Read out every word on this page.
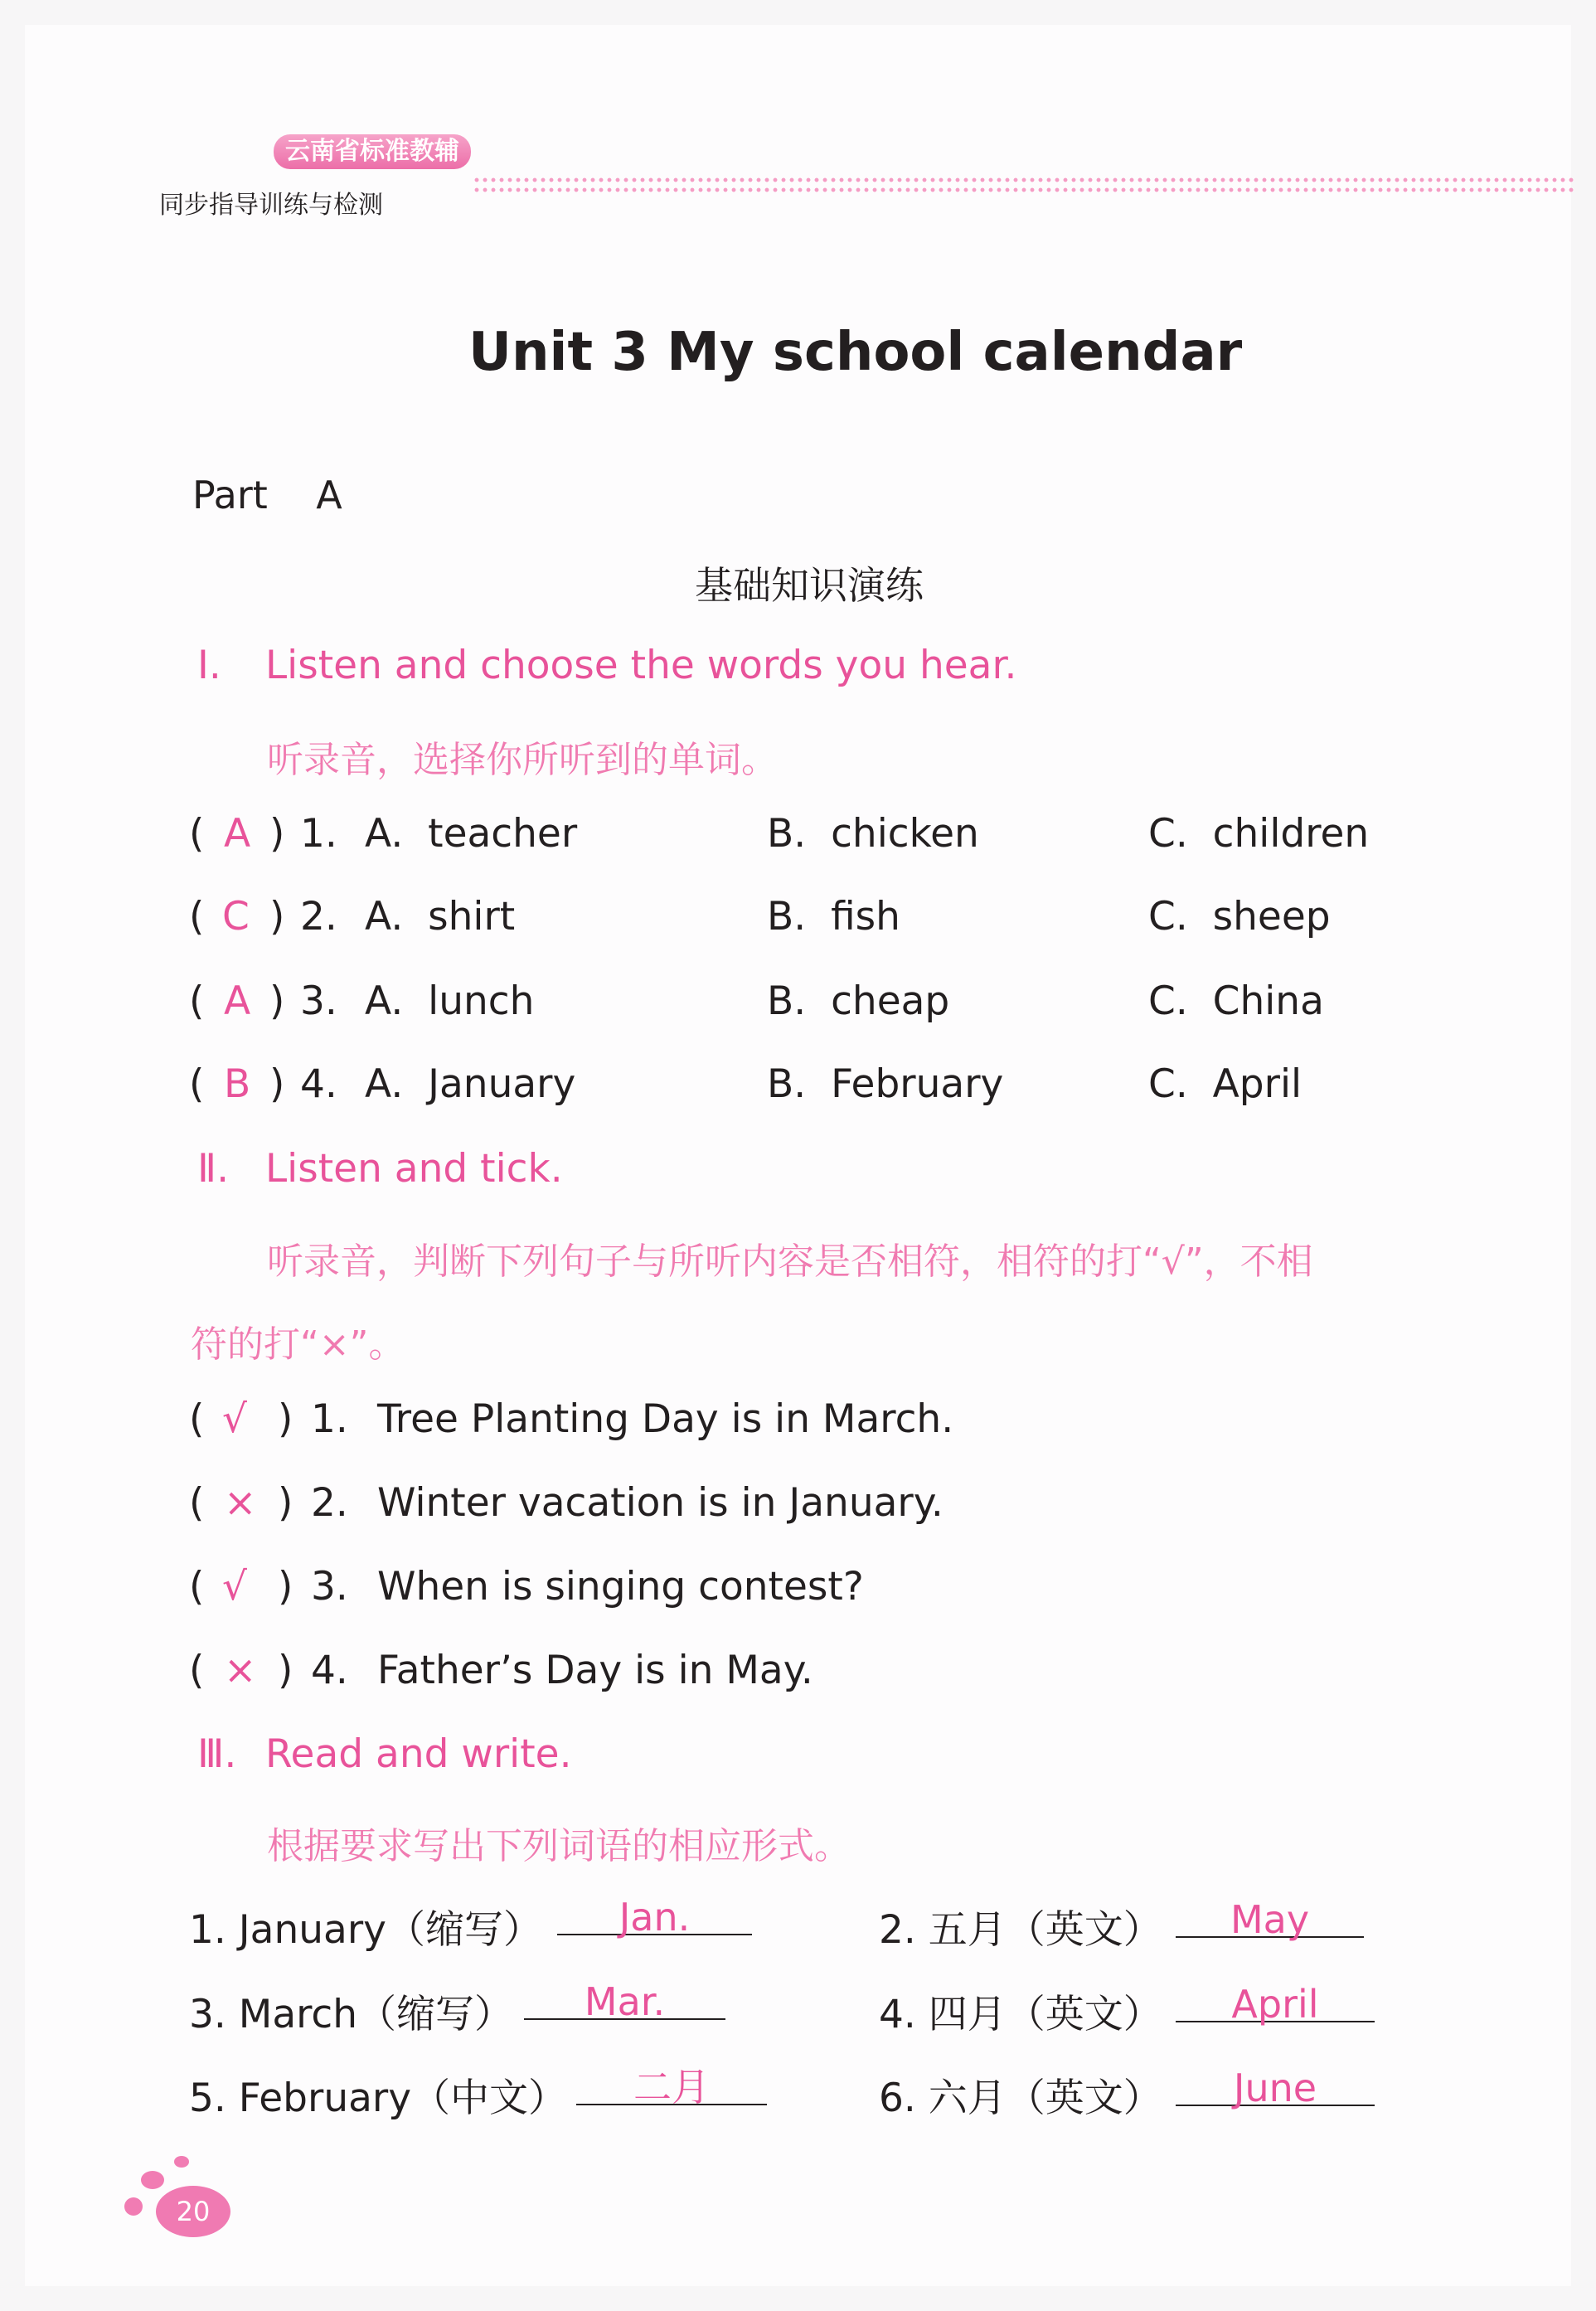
云南省标准教辅
同步指导训练与检测
Unit 3 My school calendar
Part    A
基础知识演练
Ⅰ. Listen and choose the words you hear.
听录音，选择你所听到的单词。
( A ) 1. A.  teacher	B.  chicken	C.  children
( C ) 2. A.  shirt	B.  fish	C.  sheep
( A ) 3. A.  lunch	B.  cheap	C.  China
( B ) 4. A.  January	B.  February	C.  April
Ⅱ. Listen and tick.
听录音，判断下列句子与所听内容是否相符，相符的打“√”，不相
符的打“×”。
( √ ) 1. Tree Planting Day is in March.
( × ) 2. Winter vacation is in January.
( √ ) 3. When is singing contest?
( × ) 4. Father’s Day is in May.
Ⅲ. Read and write.
根据要求写出下列词语的相应形式。
1. January（缩写）	Jan.	2. 五月（英文）	May
3. March（缩写）	Mar.	4. 四月（英文）	April
5. February（中文）	二月	6. 六月（英文）	June
20
